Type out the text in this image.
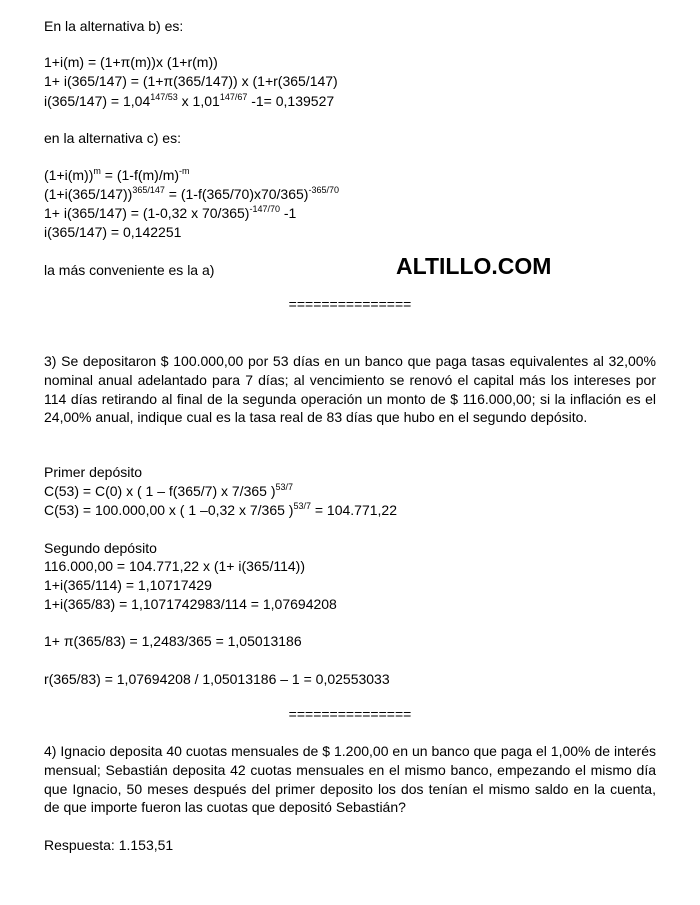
En la alternativa b) es:
1+i(m) = (1+π(m))x (1+r(m))
1+ i(365/147) = (1+π(365/147)) x (1+r(365/147)
$i(365/147) = 1,04^{147/53}$ x $1,01^{147/67}$ -1= 0,139527
en la alternativa c) es:
$(1+i(m))^m = (1-f(m)/m)^{-m}$
$(1+i(365/147))^{365/147} = (1-f(365/70)x70/365)^{-365/70}$
1+ i(365/147) = (1-0,32 x 70/365)$^{-147/70}$ -1
i(365/147) = 0,142251
la más conveniente es la a)	ALTILLO.COM
===============
3) Se depositaron $ 100.000,00 por 53 días en un banco que paga tasas equivalentes al 32,00% nominal anual adelantado para 7 días; al vencimiento se renovó el capital más los intereses por 114 días retirando al final de la segunda operación un monto de $ 116.000,00; si la inflación es el 24,00% anual, indique cual es la tasa real de 83 días que hubo en el segundo depósito.
Primer depósito
C(53) = C(0) x ( 1 – f(365/7) x 7/365 )$^{53/7}$
C(53) = 100.000,00 x ( 1 –0,32 x 7/365 )$^{53/7}$ = 104.771,22
Segundo depósito
116.000,00 = 104.771,22 x (1+ i(365/114))
1+i(365/114) = 1,10717429
1+i(365/83) = 1,1071742983/114 = 1,07694208
1+ π(365/83) = 1,2483/365 = 1,05013186
r(365/83) = 1,07694208 / 1,05013186 – 1 = 0,02553033
===============
4) Ignacio deposita 40 cuotas mensuales de $ 1.200,00 en un banco que paga el 1,00% de interés mensual; Sebastián deposita 42 cuotas mensuales en el mismo banco, empezando el mismo día que Ignacio, 50 meses después del primer deposito los dos tenían el mismo saldo en la cuenta, de que importe fueron las cuotas que depositó Sebastián?
Respuesta: 1.153,51
